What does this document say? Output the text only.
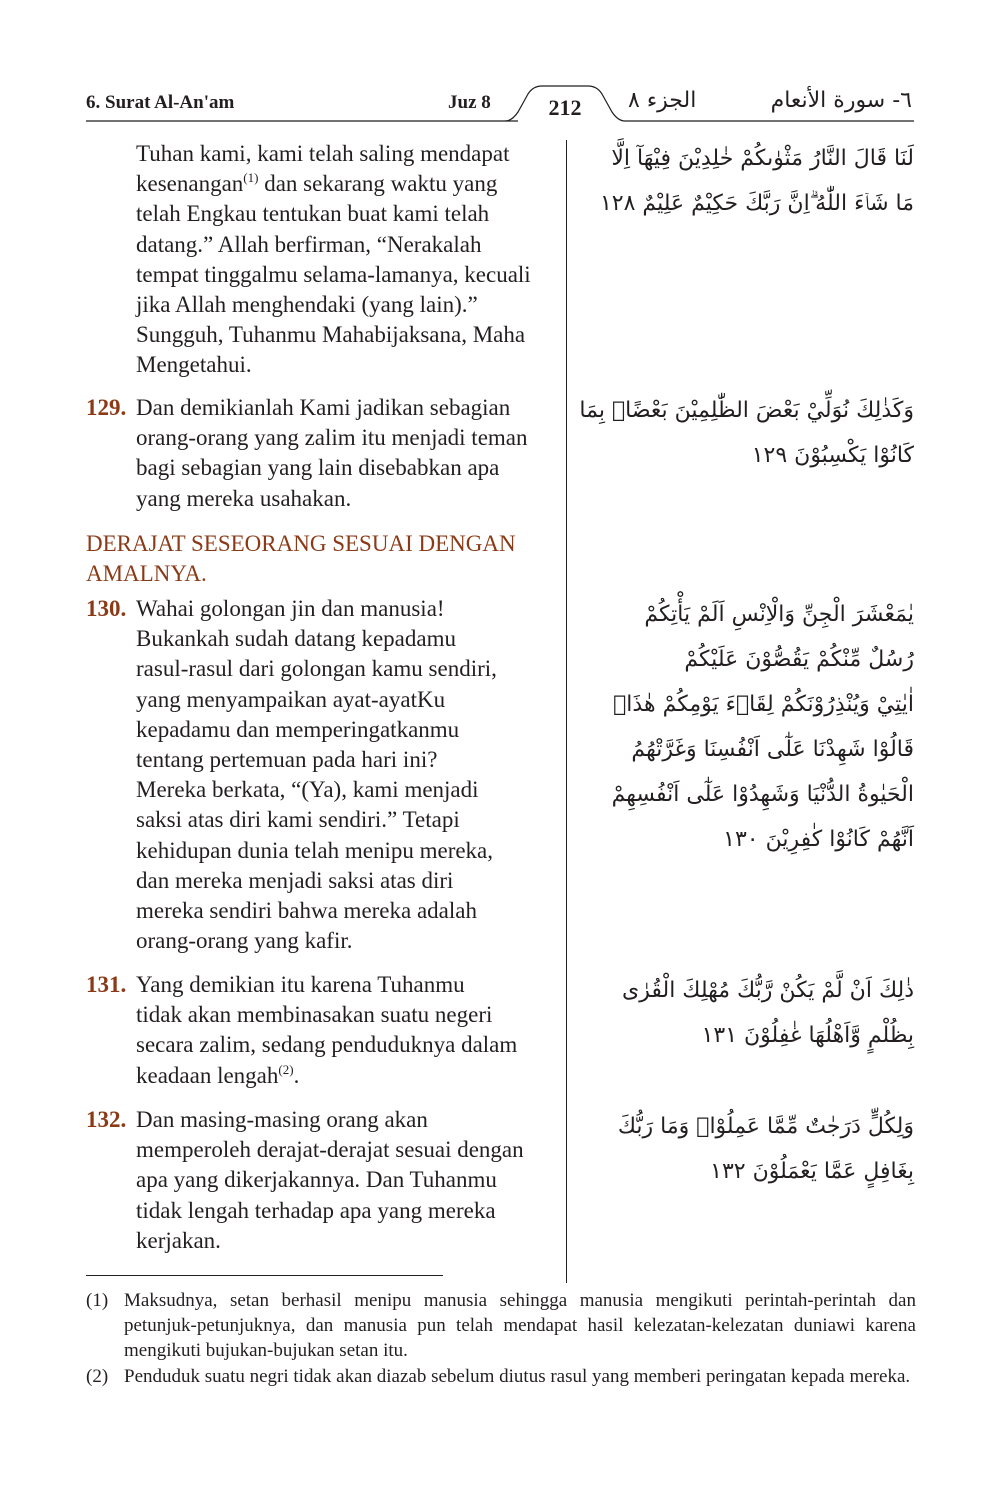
6. Surat Al-An'am	Juz 8	212	الجزء ٨	٦- سورة الأنعام
Tuhan kami, kami telah saling mendapat
kesenangan$^{(1)}$ dan sekarang waktu yang
telah Engkau tentukan buat kami telah
datang.” Allah berfirman, “Nerakalah
tempat tinggalmu selama-lamanya, kecuali
jika Allah menghendaki (yang lain).”
Sungguh, Tuhanmu Mahabijaksana, Maha
Mengetahui.
لَنَا قَالَ النَّارُ مَثْوٰىكُمْ خٰلِدِيْنَ فِيْهَآ اِلَّا
مَا شَاۤءَ اللّٰهُ ۗاِنَّ رَبَّكَ حَكِيْمٌ عَلِيْمٌ ١٢٨
129. Dan demikianlah Kami jadikan sebagian
orang-orang yang zalim itu menjadi teman
bagi sebagian yang lain disebabkan apa
yang mereka usahakan.
وَكَذٰلِكَ نُوَلِّيْ بَعْضَ الظّٰلِمِيْنَ بَعْضًاۢ بِمَا
كَانُوْا يَكْسِبُوْنَ ١٢٩
DERAJAT SESEORANG SESUAI DENGAN
AMALNYA.
130. Wahai golongan jin dan manusia!
Bukankah sudah datang kepadamu
rasul-rasul dari golongan kamu sendiri,
yang menyampaikan ayat-ayatKu
kepadamu dan memperingatkanmu
tentang pertemuan pada hari ini?
Mereka berkata, “(Ya), kami menjadi
saksi atas diri kami sendiri.” Tetapi
kehidupan dunia telah menipu mereka,
dan mereka menjadi saksi atas diri
mereka sendiri bahwa mereka adalah
orang-orang yang kafir.
يٰمَعْشَرَ الْجِنِّ وَالْاِنْسِ اَلَمْ يَأْتِكُمْ
رُسُلٌ مِّنْكُمْ يَقُصُّوْنَ عَلَيْكُمْ
اٰيٰتِيْ وَيُنْذِرُوْنَكُمْ لِقَاۤءَ يَوْمِكُمْ هٰذَاۗ
قَالُوْا شَهِدْنَا عَلٰٓى اَنْفُسِنَا وَغَرَّتْهُمُ
الْحَيٰوةُ الدُّنْيَا وَشَهِدُوْا عَلٰٓى اَنْفُسِهِمْ
اَنَّهُمْ كَانُوْا كٰفِرِيْنَ ١٣٠
131. Yang demikian itu karena Tuhanmu
tidak akan membinasakan suatu negeri
secara zalim, sedang penduduknya dalam
keadaan lengah$^{(2)}$.
ذٰلِكَ اَنْ لَّمْ يَكُنْ رَّبُّكَ مُهْلِكَ الْقُرٰى
بِظُلْمٍ وَّاَهْلُهَا غٰفِلُوْنَ ١٣١
132. Dan masing-masing orang akan
memperoleh derajat-derajat sesuai dengan
apa yang dikerjakannya. Dan Tuhanmu
tidak lengah terhadap apa yang mereka
kerjakan.
وَلِكُلٍّ دَرَجٰتٌ مِّمَّا عَمِلُوْاۗ وَمَا رَبُّكَ
بِغَافِلٍ عَمَّا يَعْمَلُوْنَ ١٣٢
(1) Maksudnya, setan berhasil menipu manusia sehingga manusia mengikuti perintah-perintah dan petunjuk-petunjuknya, dan manusia pun telah mendapat hasil kelezatan-kelezatan duniawi karena mengikuti bujukan-bujukan setan itu.
(2) Penduduk suatu negri tidak akan diazab sebelum diutus rasul yang memberi peringatan kepada mereka.
